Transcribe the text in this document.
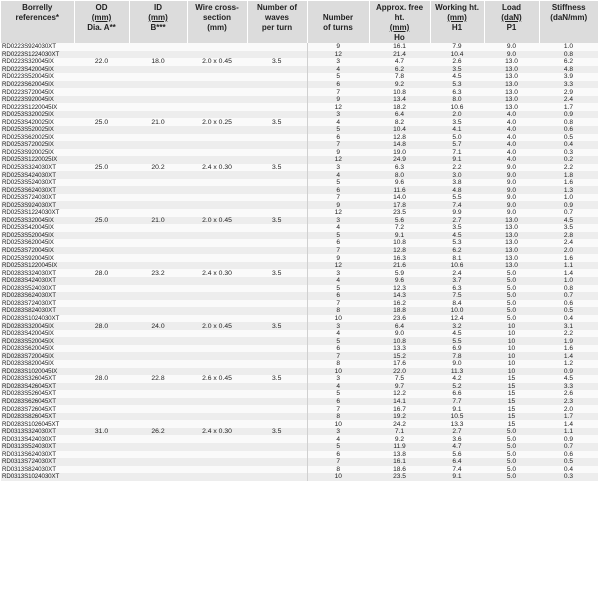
Borrelly
references*	OD
(mm)
Dia. A**	ID
(mm)
B***	Wire cross-
section
(mm)	Number of
waves
per turn	Number
of turns	Approx. free ht.
(mm)
Ho	Working ht.
(mm)
H1	Load
(daN)
P1	Stiffness
(daN/mm)
RD0223S924030XT					9	16.1	7.9	9.0	1.0
RD0223S1224030XT					12	21.4	10.4	9.0	0.8
RD0223S320045IX	22.0	18.0	2.0 x 0.45	3.5	3	4.7	2.6	13.0	6.2
RD0223S420045IX					4	6.2	3.5	13.0	4.8
RD0223S520045IX					5	7.8	4.5	13.0	3.9
RD0223S620045IX					6	9.2	5.3	13.0	3.3
RD0223S720045IX					7	10.8	6.3	13.0	2.9
RD0223S920045IX					9	13.4	8.0	13.0	2.4
RD0223S1220045IX					12	18.2	10.6	13.0	1.7
RD0253S320025IX					3	6.4	2.0	4.0	0.9
RD0253S420025IX	25.0	21.0	2.0 x 0.25	3.5	4	8.2	3.5	4.0	0.8
RD0253S520025IX					5	10.4	4.1	4.0	0.6
RD0253S620025IX					6	12.8	5.0	4.0	0.5
RD0253S720025IX					7	14.8	5.7	4.0	0.4
RD0253S920025IX					9	19.0	7.1	4.0	0.3
RD0253S1220025IX					12	24.9	9.1	4.0	0.2
RD0253S324030XT	25.0	20.2	2.4 x 0.30	3.5	3	6.3	2.2	9.0	2.2
RD0253S424030XT					4	8.0	3.0	9.0	1.8
RD0253S524030XT					5	9.6	3.8	9.0	1.6
RD0253S624030XT					6	11.6	4.8	9.0	1.3
RD0253S724030XT					7	14.0	5.5	9.0	1.0
RD0253S924030XT					9	17.8	7.4	9.0	0.9
RD0253S1224030XT					12	23.5	9.9	9.0	0.7
RD0253S320045IX	25.0	21.0	2.0 x 0.45	3.5	3	5.6	2.7	13.0	4.5
RD0253S420045IX					4	7.2	3.5	13.0	3.5
RD0253S520045IX					5	9.1	4.5	13.0	2.8
RD0253S620045IX					6	10.8	5.3	13.0	2.4
RD0253S720045IX					7	12.8	6.2	13.0	2.0
RD0253S920045IX					9	16.3	8.1	13.0	1.6
RD0253S1220045IX					12	21.6	10.6	13.0	1.1
RD0283S324030XT	28.0	23.2	2.4 x 0.30	3.5	3	5.9	2.4	5.0	1.4
RD0283S424030XT					4	9.6	3.7	5.0	1.0
RD0283S524030XT					5	12.3	6.3	5.0	0.8
RD0283S624030XT					6	14.3	7.5	5.0	0.7
RD0283S724030XT					7	16.2	8.4	5.0	0.6
RD0283S824030XT					8	18.8	10.0	5.0	0.5
RD0283S1024030XT					10	23.6	12.4	5.0	0.4
RD0283S320045IX	28.0	24.0	2.0 x 0.45	3.5	3	6.4	3.2	10	3.1
RD0283S420045IX					4	9.0	4.5	10	2.2
RD0283S520045IX					5	10.8	5.5	10	1.9
RD0283S620045IX					6	13.3	6.9	10	1.6
RD0283S720045IX					7	15.2	7.8	10	1.4
RD0283S820045IX					8	17.6	9.0	10	1.2
RD0283S1020045IX					10	22.0	11.3	10	0.9
RD0283S326045XT	28.0	22.8	2.6 x 0.45	3.5	3	7.5	4.2	15	4.5
RD0283S426045XT					4	9.7	5.2	15	3.3
RD0283S526045XT					5	12.2	6.6	15	2.6
RD0283S626045XT					6	14.1	7.7	15	2.3
RD0283S726045XT					7	16.7	9.1	15	2.0
RD0283S826045XT					8	19.2	10.5	15	1.7
RD0283S1026045XT					10	24.2	13.3	15	1.4
RD0313S324030XT	31.0	26.2	2.4 x 0.30	3.5	3	7.1	2.7	5.0	1.1
RD0313S424030XT					4	9.2	3.6	5.0	0.9
RD0313S524030XT					5	11.9	4.7	5.0	0.7
RD0313S624030XT					6	13.8	5.6	5.0	0.6
RD0313S724030XT					7	16.1	6.4	5.0	0.5
RD0313S824030XT					8	18.6	7.4	5.0	0.4
RD0313S1024030XT					10	23.5	9.1	5.0	0.3
